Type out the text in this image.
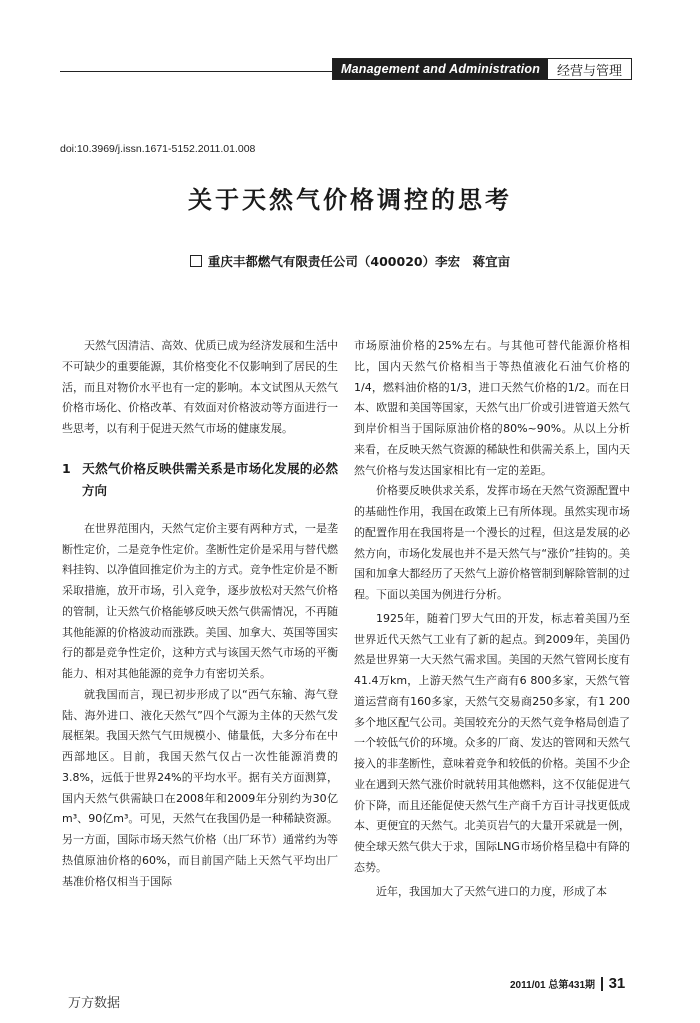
Management and Administration	经营与管理
doi:10.3969/j.issn.1671-5152.2011.01.008
关于天然气价格调控的思考
重庆丰都燃气有限责任公司（400020）李宏　蒋宜亩

天然气因清洁、高效、优质已成为经济发展和生活中不可缺少的重要能源，其价格变化不仅影响到了居民的生活，而且对物价水平也有一定的影响。本文试图从天然气价格市场化、价格改革、有效面对价格波动等方面进行一些思考，以有利于促进天然气市场的健康发展。

1 天然气价格反映供需关系是市场化发展的必然方向

在世界范围内，天然气定价主要有两种方式，一是垄断性定价，二是竞争性定价。垄断性定价是采用与替代燃料挂钩、以净值回推定价为主的方式。竞争性定价是不断采取措施，放开市场，引入竞争，逐步放松对天然气价格的管制，让天然气价格能够反映天然气供需情况，不再随其他能源的价格波动而涨跌。美国、加拿大、英国等国实行的都是竞争性定价，这种方式与该国天然气市场的平衡能力、相对其他能源的竞争力有密切关系。

就我国而言，现已初步形成了以“西气东输、海气登陆、海外进口、液化天然气”四个气源为主体的天然气发展框架。我国天然气气田规模小、储量低，大多分布在中西部地区。目前，我国天然气仅占一次性能源消费的3.8%，远低于世界24%的平均水平。据有关方面测算，国内天然气供需缺口在2008年和2009年分别约为30亿m³、90亿m³。可见，天然气在我国仍是一种稀缺资源。另一方面，国际市场天然气价格（出厂环节）通常约为等热值原油价格的60%，而目前国产陆上天然气平均出厂基准价格仅相当于国际

市场原油价格的25%左右。与其他可替代能源价格相比，国内天然气价格相当于等热值液化石油气价格的1/4，燃料油价格的1/3，进口天然气价格的1/2。而在日本、欧盟和美国等国家，天然气出厂价或引进管道天然气到岸价相当于国际原油价格的80%~90%。从以上分析来看，在反映天然气资源的稀缺性和供需关系上，国内天然气价格与发达国家相比有一定的差距。

价格要反映供求关系，发挥市场在天然气资源配置中的基础性作用，我国在政策上已有所体现。虽然实现市场的配置作用在我国将是一个漫长的过程，但这是发展的必然方向，市场化发展也并不是天然气与“涨价”挂钩的。美国和加拿大都经历了天然气上游价格管制到解除管制的过程。下面以美国为例进行分析。

1925年，随着门罗大气田的开发，标志着美国乃至世界近代天然气工业有了新的起点。到2009年，美国仍然是世界第一大天然气需求国。美国的天然气管网长度有41.4万km，上游天然气生产商有6 800多家，天然气管道运营商有160多家，天然气交易商250多家，有1 200多个地区配气公司。美国较充分的天然气竞争格局创造了一个较低气价的环境。众多的厂商、发达的管网和天然气接入的非垄断性，意味着竞争和较低的价格。美国不少企业在遇到天然气涨价时就转用其他燃料，这不仅能促进气价下降，而且还能促使天然气生产商千方百计寻找更低成本、更便宜的天然气。北美页岩气的大量开采就是一例，使全球天然气供大于求，国际LNG市场价格呈稳中有降的态势。

近年，我国加大了天然气进口的力度，形成了本

2011/01 总第431期 31
万方数据
